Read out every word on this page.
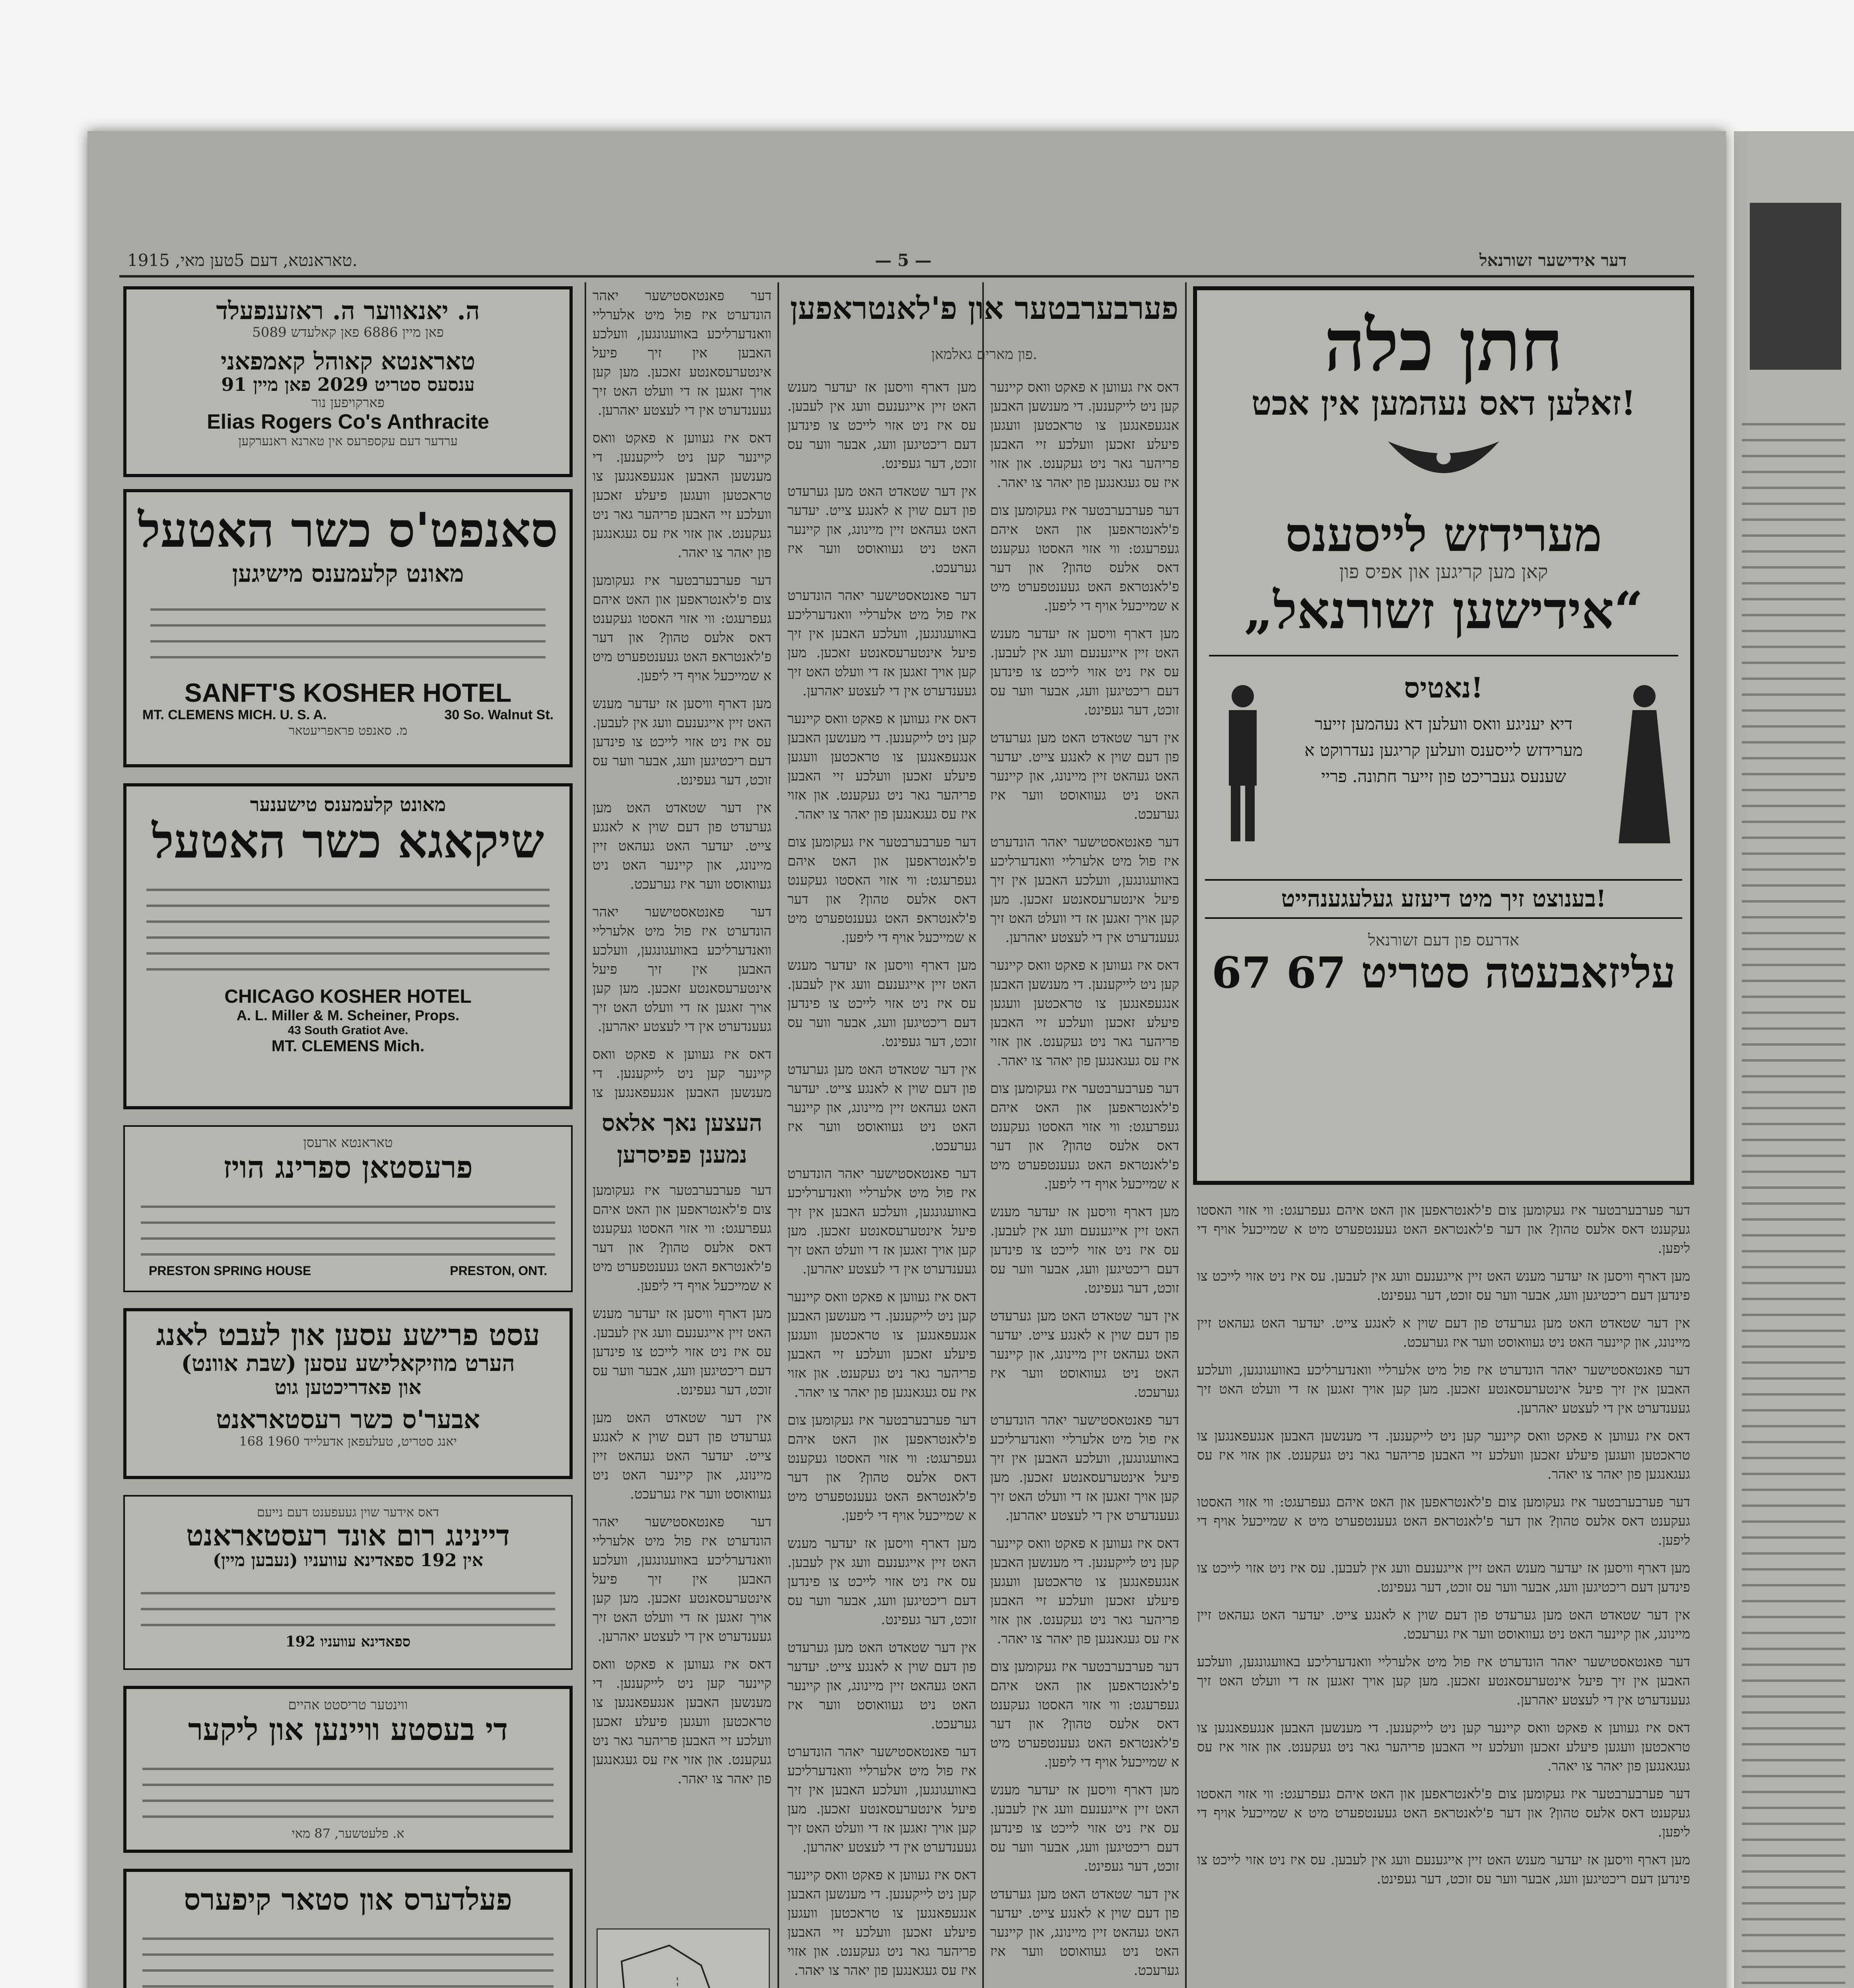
טאראנטא, דעם 5טען מאי, 1915.	— 5 —	דער אידישער זשורנאל
ה. יאנאווער ה. ראזענפעלד
פאן מיין 6886 פאן קאלעדש 5089
טאראנטא קאוהל קאמפאני
91 ענסעס סטריט 2029 פאן מיין
פארקויפען נור
Elias Rogers Co's Anthracite
ערדער דעם עקספרעס אין טארנא ראנערקען
סאנפט'ס כשר האטעל
מאונט קלעמענס מישיגען
SANFT'S KOSHER HOTEL
MT. CLEMENS MICH. U. S. A.	30 So. Walnut St.
מ. סאנפט פראפריעטאר
מאונט קלעמענס טישענער
שיקאגא כשר האטעל
CHICAGO KOSHER HOTEL
A. L. Miller & M. Scheiner, Props.
43 South Gratiot Ave.
MT. CLEMENS Mich.
טאראנטא ארעסן
פרעסטאן ספרינג הויז
PRESTON SPRING HOUSE	PRESTON, ONT.
עסט פרישע עסען און לעבט לאנג
הערט מוזיקאלישע עסען (שבת אוונט)
און פאדריכטען גוט
אבער'ס כשר רעסטאראנט
168 יאנג סטריט, טעלעפאן אדעלייד 1960
דאס אידער שוין געעפענט דעם נייעם
דיינינג רום אונד רעסטאראנט
אין 192 ספאדינא עוועניו (נעבען מיין)
192 ספאדינא עוועניו
ווינטער טריסטט אהיים
די בעסטע וויינען און ליקער
א. פלעטשער, 87 מאי
פעלדערס און סטאר קיפערס
פערבערבטער און פ'לאנטראפען
פון מארים גאלמאן.

דער פאנטאסטישער יאהר הונדערט איז פול מיט אלערליי וואנדערליכע באוועגונגען, וועלכע האבען אין זיך פיעל אינטערעסאנטע זאכען. מען קען אויך זאגען אז די וועלט האט זיך געענדערט אין די לעצטע יאהרען.

דאס איז געווען א פאקט וואס קיינער קען ניט לייקענען. די מענשען האבען אנגעפאנגען צו טראכטען וועגען פיעלע זאכען וועלכע זיי האבען פריהער גאר ניט געקענט. און אזוי איז עס געגאנגען פון יאהר צו יאהר.

דער פערבערבטער איז געקומען צום פ'לאנטראפען און האט איהם געפרעגט: ווי אזוי האסטו געקענט דאס אלעס טהון? און דער פ'לאנטראפ האט געענטפערט מיט א שמייכעל אויף די ליפען.

מען דארף וויסען אז יעדער מענש האט זיין אייגענעם וועג אין לעבען. עס איז ניט אזוי לייכט צו פינדען דעם ריכטיגען וועג, אבער ווער עס זוכט, דער געפינט.

אין דער שטאדט האט מען גערעדט פון דעם שוין א לאנגע צייט. יעדער האט געהאט זיין מיינונג, און קיינער האט ניט געוואוסט ווער איז גערעכט.

דער פאנטאסטישער יאהר הונדערט איז פול מיט אלערליי וואנדערליכע באוועגונגען, וועלכע האבען אין זיך פיעל אינטערעסאנטע זאכען. מען קען אויך זאגען אז די וועלט האט זיך געענדערט אין די לעצטע יאהרען.

דאס איז געווען א פאקט וואס קיינער קען ניט לייקענען. די מענשען האבען אנגעפאנגען צו

העצען נאך אלאס
נמענן פפיסרען

דער פערבערבטער איז געקומען צום פ'לאנטראפען און האט איהם געפרעגט: ווי אזוי האסטו געקענט דאס אלעס טהון? און דער פ'לאנטראפ האט געענטפערט מיט א שמייכעל אויף די ליפען.

מען דארף וויסען אז יעדער מענש האט זיין אייגענעם וועג אין לעבען. עס איז ניט אזוי לייכט צו פינדען דעם ריכטיגען וועג, אבער ווער עס זוכט, דער געפינט.

אין דער שטאדט האט מען גערעדט פון דעם שוין א לאנגע צייט. יעדער האט געהאט זיין מיינונג, און קיינער האט ניט געוואוסט ווער איז גערעכט.

דער פאנטאסטישער יאהר הונדערט איז פול מיט אלערליי וואנדערליכע באוועגונגען, וועלכע האבען אין זיך פיעל אינטערעסאנטע זאכען. מען קען אויך זאגען אז די וועלט האט זיך געענדערט אין די לעצטע יאהרען.

דאס איז געווען א פאקט וואס קיינער קען ניט לייקענען. די מענשען האבען אנגעפאנגען צו טראכטען וועגען פיעלע זאכען וועלכע זיי האבען פריהער גאר ניט געקענט. און אזוי איז עס געגאנגען פון יאהר צו יאהר.

מען דארף וויסען אז יעדער מענש האט זיין אייגענעם וועג אין לעבען. עס איז ניט אזוי לייכט צו פינדען דעם ריכטיגען וועג, אבער ווער עס זוכט, דער געפינט.

אין דער שטאדט האט מען גערעדט פון דעם שוין א לאנגע צייט. יעדער האט געהאט זיין מיינונג, און קיינער האט ניט געוואוסט ווער איז גערעכט.

דער פאנטאסטישער יאהר הונדערט איז פול מיט אלערליי וואנדערליכע באוועגונגען, וועלכע האבען אין זיך פיעל אינטערעסאנטע זאכען. מען קען אויך זאגען אז די וועלט האט זיך געענדערט אין די לעצטע יאהרען.

דאס איז געווען א פאקט וואס קיינער קען ניט לייקענען. די מענשען האבען אנגעפאנגען צו טראכטען וועגען פיעלע זאכען וועלכע זיי האבען פריהער גאר ניט געקענט. און אזוי איז עס געגאנגען פון יאהר צו יאהר.

דער פערבערבטער איז געקומען צום פ'לאנטראפען און האט איהם געפרעגט: ווי אזוי האסטו געקענט דאס אלעס טהון? און דער פ'לאנטראפ האט געענטפערט מיט א שמייכעל אויף די ליפען.

מען דארף וויסען אז יעדער מענש האט זיין אייגענעם וועג אין לעבען. עס איז ניט אזוי לייכט צו פינדען דעם ריכטיגען וועג, אבער ווער עס זוכט, דער געפינט.

אין דער שטאדט האט מען גערעדט פון דעם שוין א לאנגע צייט. יעדער האט געהאט זיין מיינונג, און קיינער האט ניט געוואוסט ווער איז גערעכט.

דער פאנטאסטישער יאהר הונדערט איז פול מיט אלערליי וואנדערליכע באוועגונגען, וועלכע האבען אין זיך פיעל אינטערעסאנטע זאכען. מען קען אויך זאגען אז די וועלט האט זיך געענדערט אין די לעצטע יאהרען.

דאס איז געווען א פאקט וואס קיינער קען ניט לייקענען. די מענשען האבען אנגעפאנגען צו טראכטען וועגען פיעלע זאכען וועלכע זיי האבען פריהער גאר ניט געקענט. און אזוי איז עס געגאנגען פון יאהר צו יאהר.

דער פערבערבטער איז געקומען צום פ'לאנטראפען און האט איהם געפרעגט: ווי אזוי האסטו געקענט דאס אלעס טהון? און דער פ'לאנטראפ האט געענטפערט מיט א שמייכעל אויף די ליפען.

מען דארף וויסען אז יעדער מענש האט זיין אייגענעם וועג אין לעבען. עס איז ניט אזוי לייכט צו פינדען דעם ריכטיגען וועג, אבער ווער עס זוכט, דער געפינט.

אין דער שטאדט האט מען גערעדט פון דעם שוין א לאנגע צייט. יעדער האט געהאט זיין מיינונג, און קיינער האט ניט געוואוסט ווער איז גערעכט.

דער פאנטאסטישער יאהר הונדערט איז פול מיט אלערליי וואנדערליכע באוועגונגען, וועלכע האבען אין זיך פיעל אינטערעסאנטע זאכען. מען קען אויך זאגען אז די וועלט האט זיך געענדערט אין די לעצטע יאהרען.

דאס איז געווען א פאקט וואס קיינער קען ניט לייקענען. די מענשען האבען אנגעפאנגען צו טראכטען וועגען פיעלע זאכען וועלכע זיי האבען פריהער גאר ניט געקענט. און אזוי איז עס געגאנגען פון יאהר צו יאהר.

דאס איז געווען א פאקט וואס קיינער קען ניט לייקענען. די מענשען האבען אנגעפאנגען צו טראכטען וועגען פיעלע זאכען וועלכע זיי האבען פריהער גאר ניט געקענט. און אזוי איז עס געגאנגען פון יאהר צו יאהר.

דער פערבערבטער איז געקומען צום פ'לאנטראפען און האט איהם געפרעגט: ווי אזוי האסטו געקענט דאס אלעס טהון? און דער פ'לאנטראפ האט געענטפערט מיט א שמייכעל אויף די ליפען.

מען דארף וויסען אז יעדער מענש האט זיין אייגענעם וועג אין לעבען. עס איז ניט אזוי לייכט צו פינדען דעם ריכטיגען וועג, אבער ווער עס זוכט, דער געפינט.

אין דער שטאדט האט מען גערעדט פון דעם שוין א לאנגע צייט. יעדער האט געהאט זיין מיינונג, און קיינער האט ניט געוואוסט ווער איז גערעכט.

דער פאנטאסטישער יאהר הונדערט איז פול מיט אלערליי וואנדערליכע באוועגונגען, וועלכע האבען אין זיך פיעל אינטערעסאנטע זאכען. מען קען אויך זאגען אז די וועלט האט זיך געענדערט אין די לעצטע יאהרען.

דאס איז געווען א פאקט וואס קיינער קען ניט לייקענען. די מענשען האבען אנגעפאנגען צו טראכטען וועגען פיעלע זאכען וועלכע זיי האבען פריהער גאר ניט געקענט. און אזוי איז עס געגאנגען פון יאהר צו יאהר.

דער פערבערבטער איז געקומען צום פ'לאנטראפען און האט איהם געפרעגט: ווי אזוי האסטו געקענט דאס אלעס טהון? און דער פ'לאנטראפ האט געענטפערט מיט א שמייכעל אויף די ליפען.

מען דארף וויסען אז יעדער מענש האט זיין אייגענעם וועג אין לעבען. עס איז ניט אזוי לייכט צו פינדען דעם ריכטיגען וועג, אבער ווער עס זוכט, דער געפינט.

אין דער שטאדט האט מען גערעדט פון דעם שוין א לאנגע צייט. יעדער האט געהאט זיין מיינונג, און קיינער האט ניט געוואוסט ווער איז גערעכט.

דער פאנטאסטישער יאהר הונדערט איז פול מיט אלערליי וואנדערליכע באוועגונגען, וועלכע האבען אין זיך פיעל אינטערעסאנטע זאכען. מען קען אויך זאגען אז די וועלט האט זיך געענדערט אין די לעצטע יאהרען.

דאס איז געווען א פאקט וואס קיינער קען ניט לייקענען. די מענשען האבען אנגעפאנגען צו טראכטען וועגען פיעלע זאכען וועלכע זיי האבען פריהער גאר ניט געקענט. און אזוי איז עס געגאנגען פון יאהר צו יאהר.

דער פערבערבטער איז געקומען צום פ'לאנטראפען און האט איהם געפרעגט: ווי אזוי האסטו געקענט דאס אלעס טהון? און דער פ'לאנטראפ האט געענטפערט מיט א שמייכעל אויף די ליפען.

מען דארף וויסען אז יעדער מענש האט זיין אייגענעם וועג אין לעבען. עס איז ניט אזוי לייכט צו פינדען דעם ריכטיגען וועג, אבער ווער עס זוכט, דער געפינט.

אין דער שטאדט האט מען גערעדט פון דעם שוין א לאנגע צייט. יעדער האט געהאט זיין מיינונג, און קיינער האט ניט געוואוסט ווער איז גערעכט.

חתן כלה
זאלען דאס נעהמען אין אכט!
מערידזש לייסענס
קאן מען קריגען און אפיס פון
„אידישען זשורנאל“
נאטיס!
דיא יעניגע וואס וועלען דא נעהמען זייער מערידזש לייסענס וועלען קריגען נעדרוקט א שענעס געבריכט פון זייער חתונה. פריי
בענוצט זיך מיט דיעזע געלעגענהייט!
אדרעס פון דעם זשורנאל
67 עליזאבעטה סטריט 67

דער פערבערבטער איז געקומען צום פ'לאנטראפען און האט איהם געפרעגט: ווי אזוי האסטו געקענט דאס אלעס טהון? און דער פ'לאנטראפ האט געענטפערט מיט א שמייכעל אויף די ליפען.

מען דארף וויסען אז יעדער מענש האט זיין אייגענעם וועג אין לעבען. עס איז ניט אזוי לייכט צו פינדען דעם ריכטיגען וועג, אבער ווער עס זוכט, דער געפינט.

אין דער שטאדט האט מען גערעדט פון דעם שוין א לאנגע צייט. יעדער האט געהאט זיין מיינונג, און קיינער האט ניט געוואוסט ווער איז גערעכט.

דער פאנטאסטישער יאהר הונדערט איז פול מיט אלערליי וואנדערליכע באוועגונגען, וועלכע האבען אין זיך פיעל אינטערעסאנטע זאכען. מען קען אויך זאגען אז די וועלט האט זיך געענדערט אין די לעצטע יאהרען.

דאס איז געווען א פאקט וואס קיינער קען ניט לייקענען. די מענשען האבען אנגעפאנגען צו טראכטען וועגען פיעלע זאכען וועלכע זיי האבען פריהער גאר ניט געקענט. און אזוי איז עס געגאנגען פון יאהר צו יאהר.

דער פערבערבטער איז געקומען צום פ'לאנטראפען און האט איהם געפרעגט: ווי אזוי האסטו געקענט דאס אלעס טהון? און דער פ'לאנטראפ האט געענטפערט מיט א שמייכעל אויף די ליפען.

מען דארף וויסען אז יעדער מענש האט זיין אייגענעם וועג אין לעבען. עס איז ניט אזוי לייכט צו פינדען דעם ריכטיגען וועג, אבער ווער עס זוכט, דער געפינט.

אין דער שטאדט האט מען גערעדט פון דעם שוין א לאנגע צייט. יעדער האט געהאט זיין מיינונג, און קיינער האט ניט געוואוסט ווער איז גערעכט.

דער פאנטאסטישער יאהר הונדערט איז פול מיט אלערליי וואנדערליכע באוועגונגען, וועלכע האבען אין זיך פיעל אינטערעסאנטע זאכען. מען קען אויך זאגען אז די וועלט האט זיך געענדערט אין די לעצטע יאהרען.

דאס איז געווען א פאקט וואס קיינער קען ניט לייקענען. די מענשען האבען אנגעפאנגען צו טראכטען וועגען פיעלע זאכען וועלכע זיי האבען פריהער גאר ניט געקענט. און אזוי איז עס געגאנגען פון יאהר צו יאהר.

דער פערבערבטער איז געקומען צום פ'לאנטראפען און האט איהם געפרעגט: ווי אזוי האסטו געקענט דאס אלעס טהון? און דער פ'לאנטראפ האט געענטפערט מיט א שמייכעל אויף די ליפען.

מען דארף וויסען אז יעדער מענש האט זיין אייגענעם וועג אין לעבען. עס איז ניט אזוי לייכט צו פינדען דעם ריכטיגען וועג, אבער ווער עס זוכט, דער געפינט.
